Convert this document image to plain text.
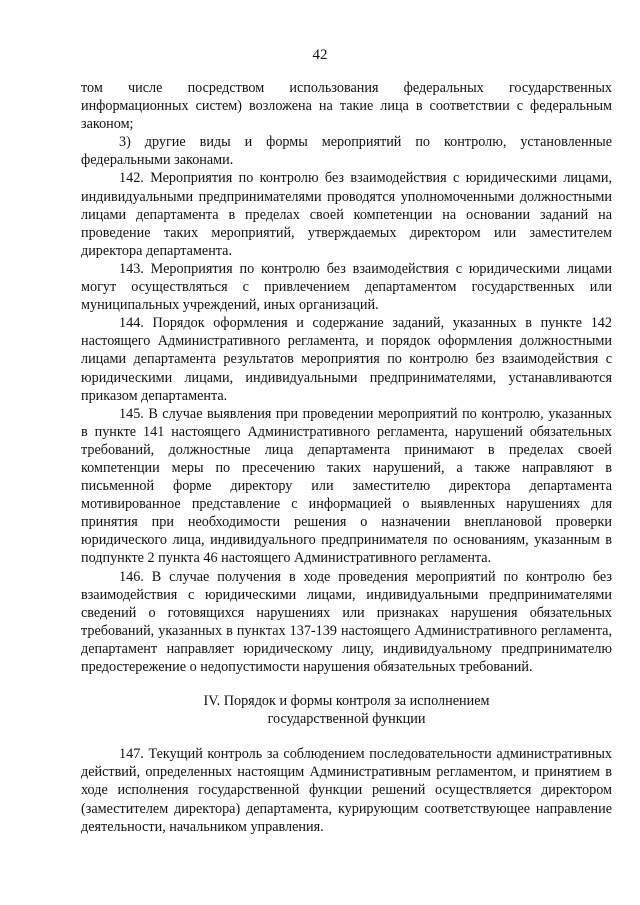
42

том числе посредством использования федеральных государственных информационных систем) возложена на такие лица в соответствии с федеральным законом;

3) другие виды и формы мероприятий по контролю, установленные федеральными законами.

142. Мероприятия по контролю без взаимодействия с юридическими лицами, индивидуальными предпринимателями проводятся уполномоченными должностными лицами департамента в пределах своей компетенции на основании заданий на проведение таких мероприятий, утверждаемых директором или заместителем директора департамента.

143. Мероприятия по контролю без взаимодействия с юридическими лицами могут осуществляться с привлечением департаментом государственных или муниципальных учреждений, иных организаций.

144. Порядок оформления и содержание заданий, указанных в пункте 142 настоящего Административного регламента, и порядок оформления должностными лицами департамента результатов мероприятия по контролю без взаимодействия с юридическими лицами, индивидуальными предпринимателями, устанавливаются приказом департамента.

145. В случае выявления при проведении мероприятий по контролю, указанных в пункте 141 настоящего Административного регламента, нарушений обязательных требований, должностные лица департамента принимают в пределах своей компетенции меры по пресечению таких нарушений, а также направляют в письменной форме директору или заместителю директора департамента мотивированное представление с информацией о выявленных нарушениях для принятия при необходимости решения о назначении внеплановой проверки юридического лица, индивидуального предпринимателя по основаниям, указанным в подпункте 2 пункта 46 настоящего Административного регламента.

146. В случае получения в ходе проведения мероприятий по контролю без взаимодействия с юридическими лицами, индивидуальными предпринимателями сведений о готовящихся нарушениях или признаках нарушения обязательных требований, указанных в пунктах 137-139 настоящего Административного регламента, департамент направляет юридическому лицу, индивидуальному предпринимателю предостережение о недопустимости нарушения обязательных требований.

IV. Порядок и формы контроля за исполнением
государственной функции

147. Текущий контроль за соблюдением последовательности административных действий, определенных настоящим Административным регламентом, и принятием в ходе исполнения государственной функции решений осуществляется директором (заместителем директора) департамента, курирующим соответствующее направление деятельности, начальником управления.
